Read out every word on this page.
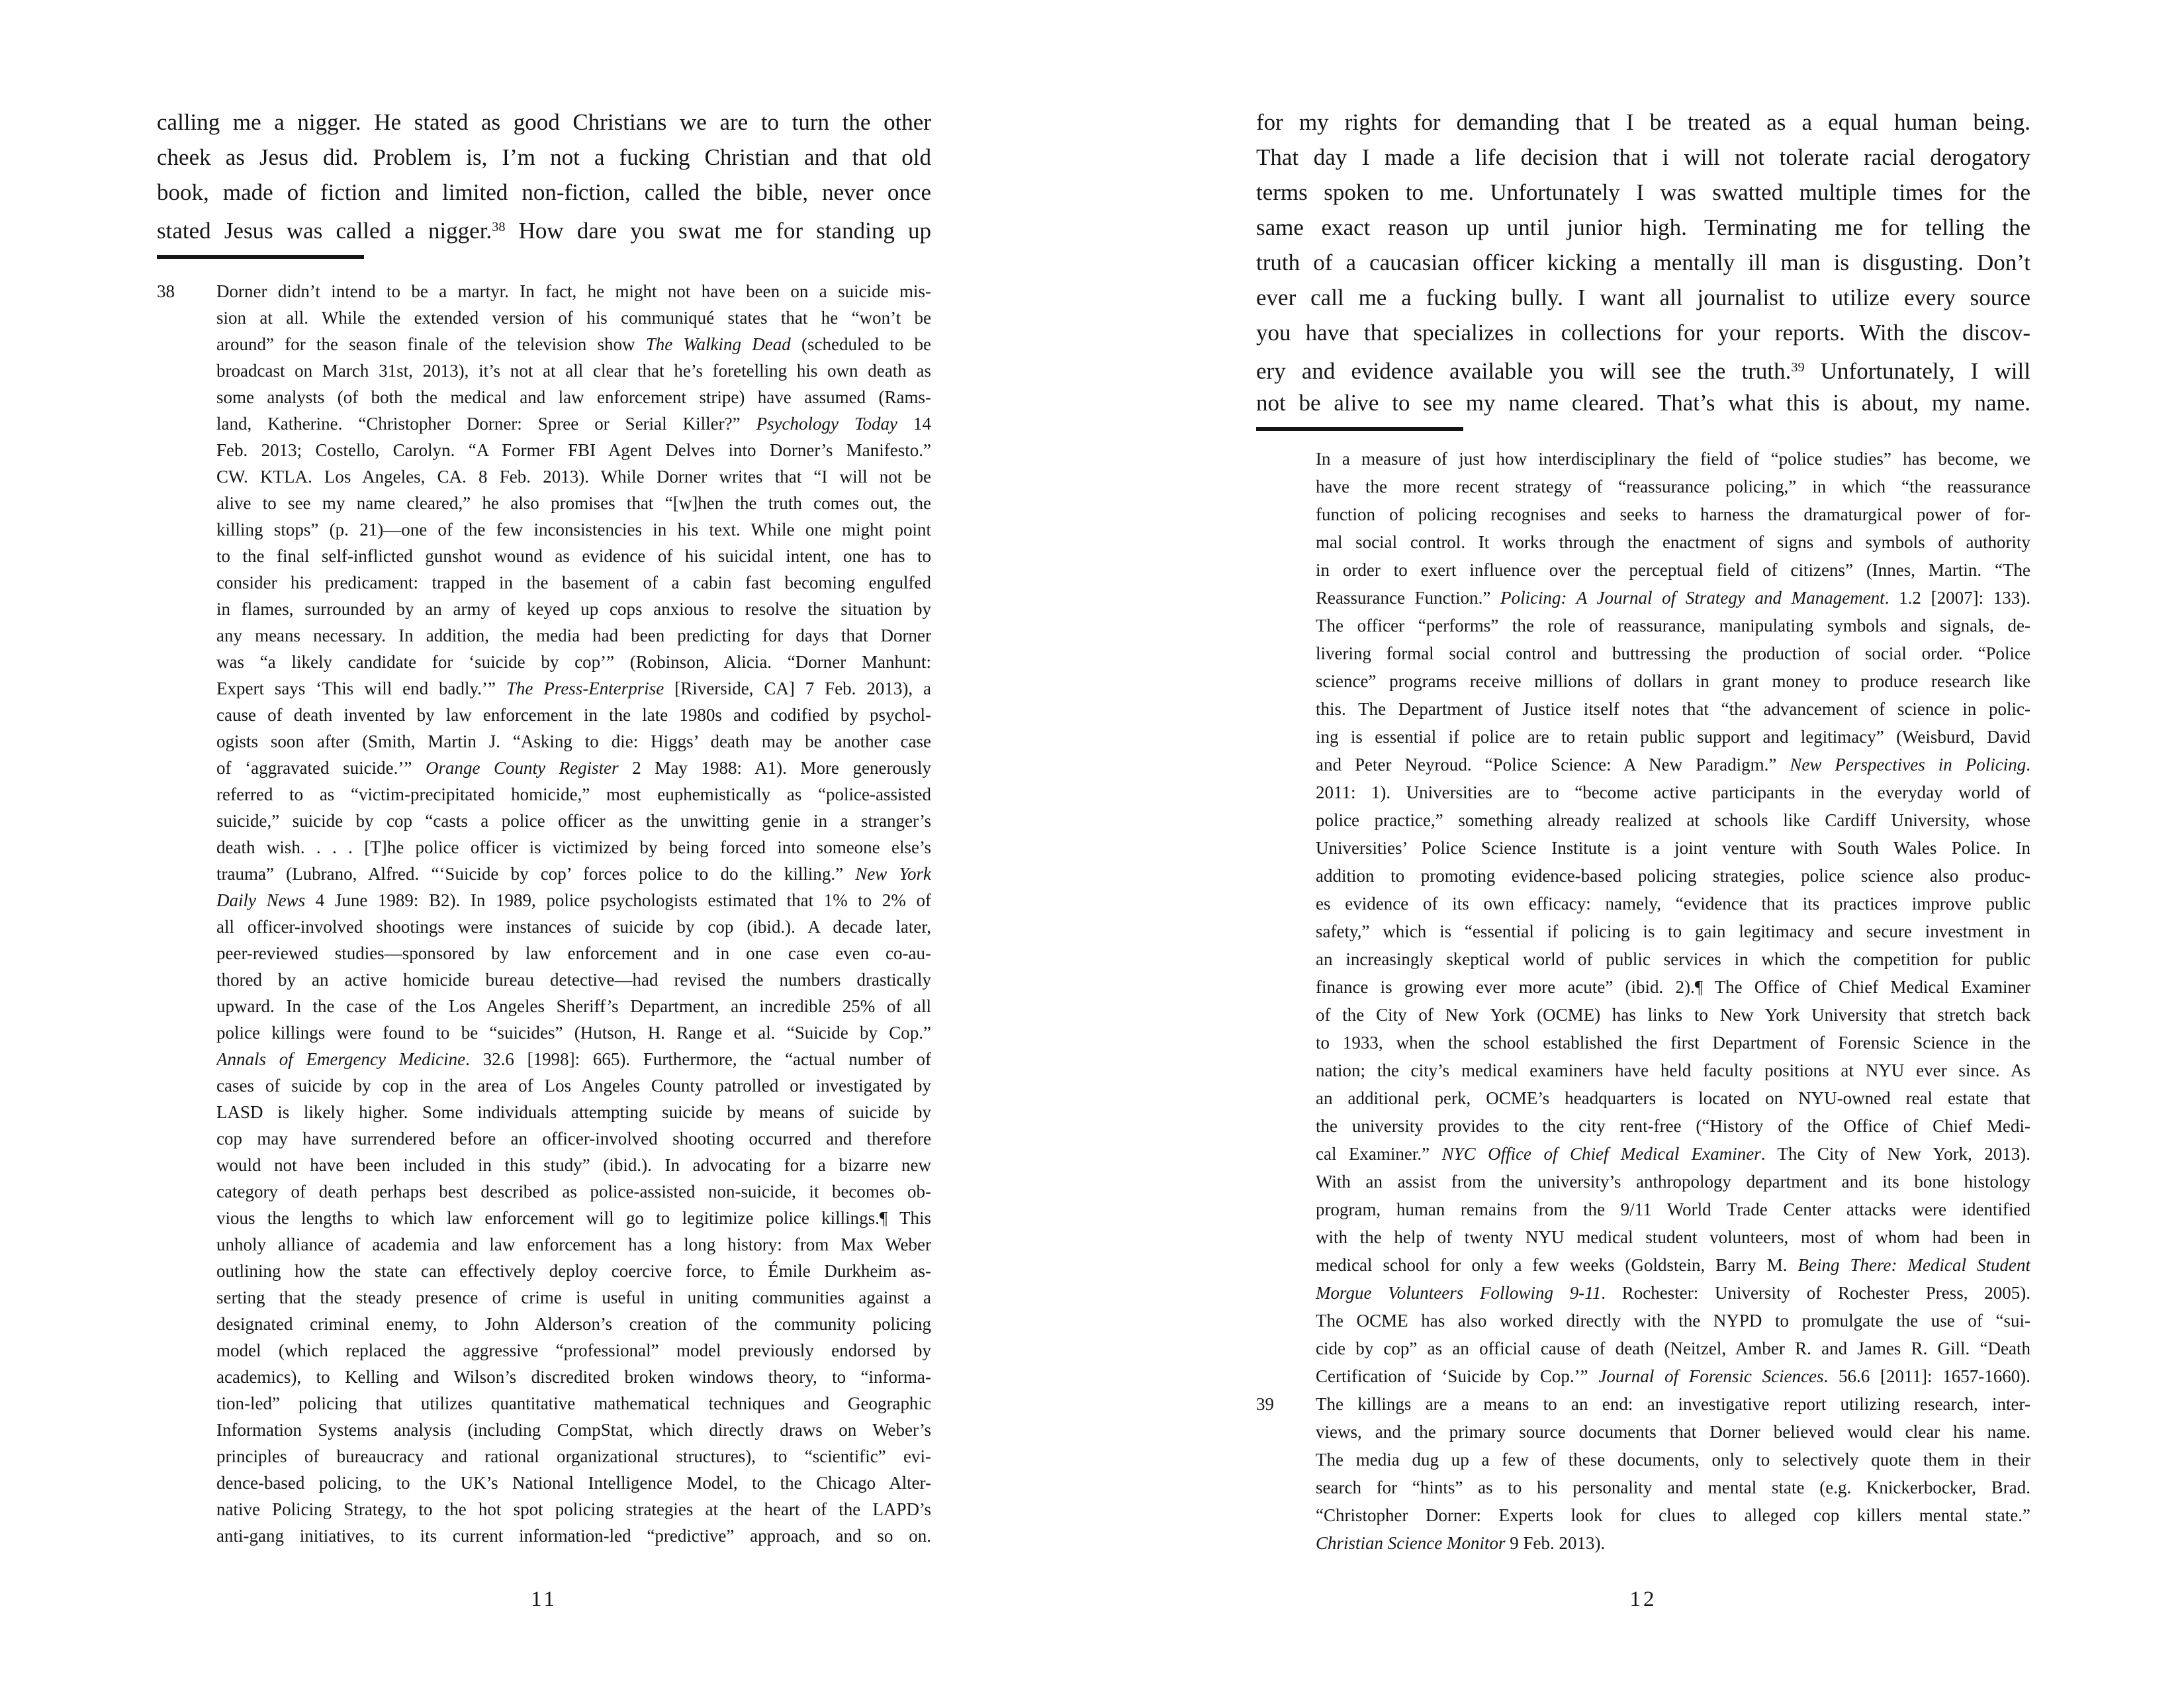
calling me a nigger. He stated as good Christians we are to turn the other
cheek as Jesus did. Problem is, I’m not a fucking Christian and that old
book, made of fiction and limited non-fiction, called the bible, never once
stated Jesus was called a nigger.$^{38}$ How dare you swat me for standing up
38 Dorner didn’t intend to be a martyr. In fact, he might not have been on a suicide mis-
sion at all. While the extended version of his communiqué states that he “won’t be
around” for the season finale of the television show The Walking Dead (scheduled to be
broadcast on March 31st, 2013), it’s not at all clear that he’s foretelling his own death as
some analysts (of both the medical and law enforcement stripe) have assumed (Rams-
land, Katherine. “Christopher Dorner: Spree or Serial Killer?” Psychology Today 14
Feb. 2013; Costello, Carolyn. “A Former FBI Agent Delves into Dorner’s Manifesto.”
CW. KTLA. Los Angeles, CA. 8 Feb. 2013). While Dorner writes that “I will not be
alive to see my name cleared,” he also promises that “[w]hen the truth comes out, the
killing stops” (p. 21)—one of the few inconsistencies in his text. While one might point
to the final self-inflicted gunshot wound as evidence of his suicidal intent, one has to
consider his predicament: trapped in the basement of a cabin fast becoming engulfed
in flames, surrounded by an army of keyed up cops anxious to resolve the situation by
any means necessary. In addition, the media had been predicting for days that Dorner
was “a likely candidate for ‘suicide by cop’” (Robinson, Alicia. “Dorner Manhunt:
Expert says ‘This will end badly.’” The Press-Enterprise [Riverside, CA] 7 Feb. 2013), a
cause of death invented by law enforcement in the late 1980s and codified by psychol-
ogists soon after (Smith, Martin J. “Asking to die: Higgs’ death may be another case
of ‘aggravated suicide.’” Orange County Register 2 May 1988: A1). More generously
referred to as “victim-precipitated homicide,” most euphemistically as “police-assisted
suicide,” suicide by cop “casts a police officer as the unwitting genie in a stranger’s
death wish. . . . [T]he police officer is victimized by being forced into someone else’s
trauma” (Lubrano, Alfred. “‘Suicide by cop’ forces police to do the killing.” New York
Daily News 4 June 1989: B2). In 1989, police psychologists estimated that 1% to 2% of
all officer-involved shootings were instances of suicide by cop (ibid.). A decade later,
peer-reviewed studies—sponsored by law enforcement and in one case even co-au-
thored by an active homicide bureau detective—had revised the numbers drastically
upward. In the case of the Los Angeles Sheriff’s Department, an incredible 25% of all
police killings were found to be “suicides” (Hutson, H. Range et al. “Suicide by Cop.”
Annals of Emergency Medicine. 32.6 [1998]: 665). Furthermore, the “actual number of
cases of suicide by cop in the area of Los Angeles County patrolled or investigated by
LASD is likely higher. Some individuals attempting suicide by means of suicide by
cop may have surrendered before an officer-involved shooting occurred and therefore
would not have been included in this study” (ibid.). In advocating for a bizarre new
category of death perhaps best described as police-assisted non-suicide, it becomes ob-
vious the lengths to which law enforcement will go to legitimize police killings.¶ This
unholy alliance of academia and law enforcement has a long history: from Max Weber
outlining how the state can effectively deploy coercive force, to Émile Durkheim as-
serting that the steady presence of crime is useful in uniting communities against a
designated criminal enemy, to John Alderson’s creation of the community policing
model (which replaced the aggressive “professional” model previously endorsed by
academics), to Kelling and Wilson’s discredited broken windows theory, to “informa-
tion-led” policing that utilizes quantitative mathematical techniques and Geographic
Information Systems analysis (including CompStat, which directly draws on Weber’s
principles of bureaucracy and rational organizational structures), to “scientific” evi-
dence-based policing, to the UK’s National Intelligence Model, to the Chicago Alter-
native Policing Strategy, to the hot spot policing strategies at the heart of the LAPD’s
anti-gang initiatives, to its current information-led “predictive” approach, and so on.
11
for my rights for demanding that I be treated as a equal human being.
That day I made a life decision that i will not tolerate racial derogatory
terms spoken to me. Unfortunately I was swatted multiple times for the
same exact reason up until junior high. Terminating me for telling the
truth of a caucasian officer kicking a mentally ill man is disgusting. Don’t
ever call me a fucking bully. I want all journalist to utilize every source
you have that specializes in collections for your reports. With the discov-
ery and evidence available you will see the truth.$^{39}$ Unfortunately, I will
not be alive to see my name cleared. That’s what this is about, my name.
In a measure of just how interdisciplinary the field of “police studies” has become, we
have the more recent strategy of “reassurance policing,” in which “the reassurance
function of policing recognises and seeks to harness the dramaturgical power of for-
mal social control. It works through the enactment of signs and symbols of authority
in order to exert influence over the perceptual field of citizens” (Innes, Martin. “The
Reassurance Function.” Policing: A Journal of Strategy and Management. 1.2 [2007]: 133).
The officer “performs” the role of reassurance, manipulating symbols and signals, de-
livering formal social control and buttressing the production of social order. “Police
science” programs receive millions of dollars in grant money to produce research like
this. The Department of Justice itself notes that “the advancement of science in polic-
ing is essential if police are to retain public support and legitimacy” (Weisburd, David
and Peter Neyroud. “Police Science: A New Paradigm.” New Perspectives in Policing.
2011: 1). Universities are to “become active participants in the everyday world of
police practice,” something already realized at schools like Cardiff University, whose
Universities’ Police Science Institute is a joint venture with South Wales Police. In
addition to promoting evidence-based policing strategies, police science also produc-
es evidence of its own efficacy: namely, “evidence that its practices improve public
safety,” which is “essential if policing is to gain legitimacy and secure investment in
an increasingly skeptical world of public services in which the competition for public
finance is growing ever more acute” (ibid. 2).¶ The Office of Chief Medical Examiner
of the City of New York (OCME) has links to New York University that stretch back
to 1933, when the school established the first Department of Forensic Science in the
nation; the city’s medical examiners have held faculty positions at NYU ever since. As
an additional perk, OCME’s headquarters is located on NYU-owned real estate that
the university provides to the city rent-free (“History of the Office of Chief Medi-
cal Examiner.” NYC Office of Chief Medical Examiner. The City of New York, 2013).
With an assist from the university’s anthropology department and its bone histology
program, human remains from the 9/11 World Trade Center attacks were identified
with the help of twenty NYU medical student volunteers, most of whom had been in
medical school for only a few weeks (Goldstein, Barry M. Being There: Medical Student
Morgue Volunteers Following 9-11. Rochester: University of Rochester Press, 2005).
The OCME has also worked directly with the NYPD to promulgate the use of “sui-
cide by cop” as an official cause of death (Neitzel, Amber R. and James R. Gill. “Death
Certification of ‘Suicide by Cop.’” Journal of Forensic Sciences. 56.6 [2011]: 1657-1660).
39 The killings are a means to an end: an investigative report utilizing research, inter-
views, and the primary source documents that Dorner believed would clear his name.
The media dug up a few of these documents, only to selectively quote them in their
search for “hints” as to his personality and mental state (e.g. Knickerbocker, Brad.
“Christopher Dorner: Experts look for clues to alleged cop killers mental state.”
Christian Science Monitor 9 Feb. 2013).
12
